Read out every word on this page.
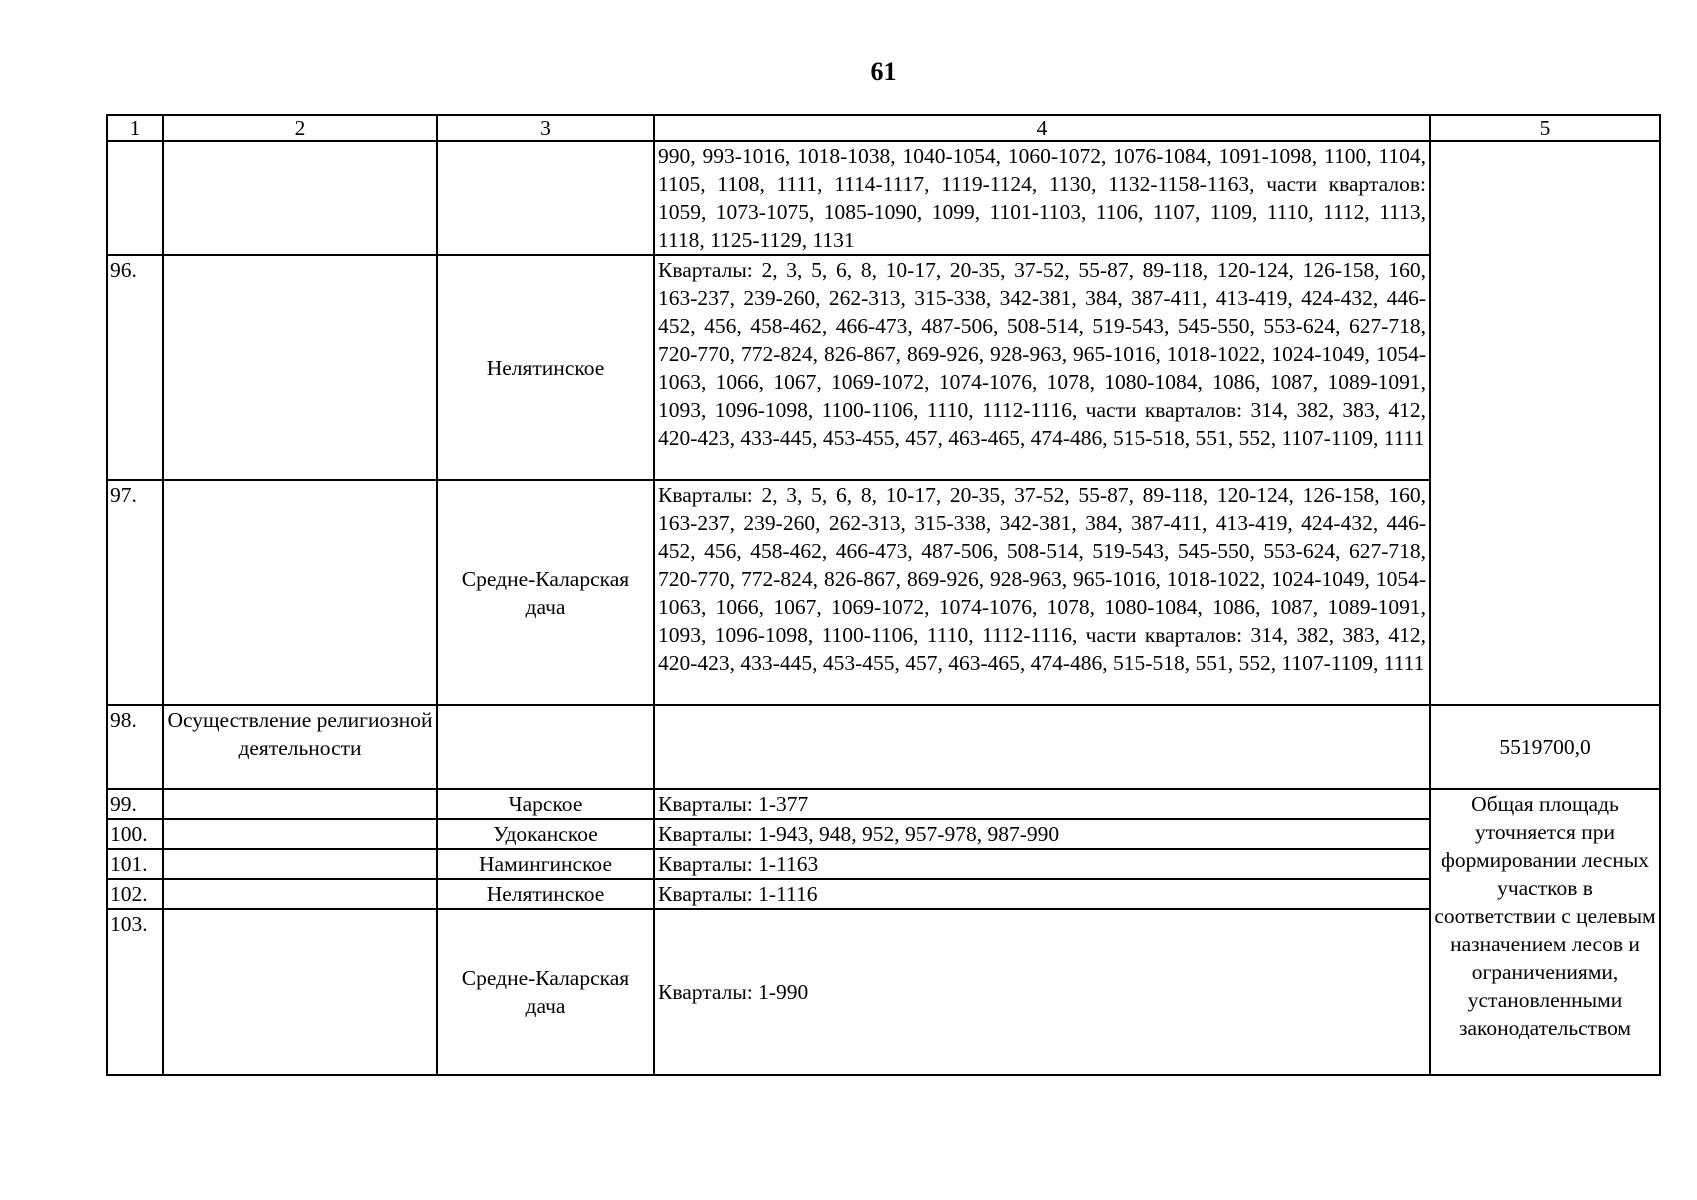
61
1	2	3	4	5
			990, 993-1016, 1018-1038, 1040-1054, 1060-1072, 1076-1084, 1091-1098, 1100, 1104, 1105, 1108, 1111, 1114-1117, 1119-1124, 1130, 1132-1158-1163, части кварталов: 1059, 1073-1075, 1085-1090, 1099, 1101-1103, 1106, 1107, 1109, 1110, 1112, 1113, 1118, 1125-1129, 1131	
96.		Нелятинское	Кварталы: 2, 3, 5, 6, 8, 10-17, 20-35, 37-52, 55-87, 89-118, 120-124, 126-158, 160, 163-237, 239-260, 262-313, 315-338, 342-381, 384, 387-411, 413-419, 424-432, 446-452, 456, 458-462, 466-473, 487-506, 508-514, 519-543, 545-550, 553-624, 627-718, 720-770, 772-824, 826-867, 869-926, 928-963, 965-1016, 1018-1022, 1024-1049, 1054-1063, 1066, 1067, 1069-1072, 1074-1076, 1078, 1080-1084, 1086, 1087, 1089-1091, 1093, 1096-1098, 1100-1106, 1110, 1112-1116, части кварталов: 314, 382, 383, 412, 420-423, 433-445, 453-455, 457, 463-465, 474-486, 515-518, 551, 552, 1107-1109, 1111	
97.		Средне-Каларская дача	Кварталы: 2, 3, 5, 6, 8, 10-17, 20-35, 37-52, 55-87, 89-118, 120-124, 126-158, 160, 163-237, 239-260, 262-313, 315-338, 342-381, 384, 387-411, 413-419, 424-432, 446-452, 456, 458-462, 466-473, 487-506, 508-514, 519-543, 545-550, 553-624, 627-718, 720-770, 772-824, 826-867, 869-926, 928-963, 965-1016, 1018-1022, 1024-1049, 1054-1063, 1066, 1067, 1069-1072, 1074-1076, 1078, 1080-1084, 1086, 1087, 1089-1091, 1093, 1096-1098, 1100-1106, 1110, 1112-1116, части кварталов: 314, 382, 383, 412, 420-423, 433-445, 453-455, 457, 463-465, 474-486, 515-518, 551, 552, 1107-1109, 1111	
98.	Осуществление религиозной деятельности			5519700,0
99.		Чарское	Кварталы: 1-377	Общая площадь уточняется при формировании лесных участков в соответствии с целевым назначением лесов и ограничениями, установленными законодательством
100.		Удоканское	Кварталы: 1-943, 948, 952, 957-978, 987-990	
101.		Намингинское	Кварталы: 1-1163	
102.		Нелятинское	Кварталы: 1-1116	
103.		Средне-Каларская дача	Кварталы: 1-990	
